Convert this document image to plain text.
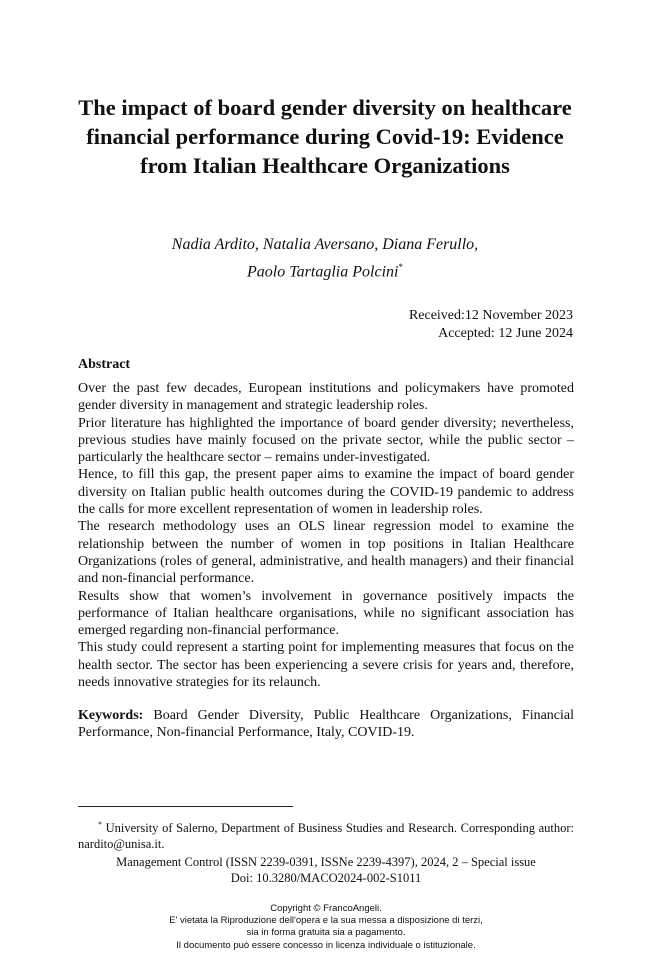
The impact of board gender diversity on healthcare financial performance during Covid-19: Evidence from Italian Healthcare Organizations
Nadia Ardito, Natalia Aversano, Diana Ferullo,
Paolo Tartaglia Polcini*
Received:12 November 2023
Accepted: 12 June 2024
Abstract

Over the past few decades, European institutions and policymakers have promoted gender diversity in management and strategic leadership roles.

Prior literature has highlighted the importance of board gender diversity; nevertheless, previous studies have mainly focused on the private sector, while the public sector – particularly the healthcare sector – remains under-investigated.

Hence, to fill this gap, the present paper aims to examine the impact of board gender diversity on Italian public health outcomes during the COVID-19 pandemic to address the calls for more excellent representation of women in leadership roles.

The research methodology uses an OLS linear regression model to examine the relationship between the number of women in top positions in Italian Healthcare Organizations (roles of general, administrative, and health managers) and their financial and non-financial performance.

Results show that women’s involvement in governance positively impacts the performance of Italian healthcare organisations, while no significant association has emerged regarding non-financial performance.

This study could represent a starting point for implementing measures that focus on the health sector. The sector has been experiencing a severe crisis for years and, therefore, needs innovative strategies for its relaunch.

Keywords: Board Gender Diversity, Public Healthcare Organizations, Financial Performance, Non-financial Performance, Italy, COVID-19.

* University of Salerno, Department of Business Studies and Research. Corresponding author: nardito@unisa.it.

Management Control (ISSN 2239-0391, ISSNe 2239-4397), 2024, 2 – Special issue
Doi: 10.3280/MACO2024-002-S1011
Copyright © FrancoAngeli.
E' vietata la Riproduzione dell'opera e la sua messa a disposizione di terzi,
sia in forma gratuita sia a pagamento.
Il documento può essere concesso in licenza individuale o istituzionale.
